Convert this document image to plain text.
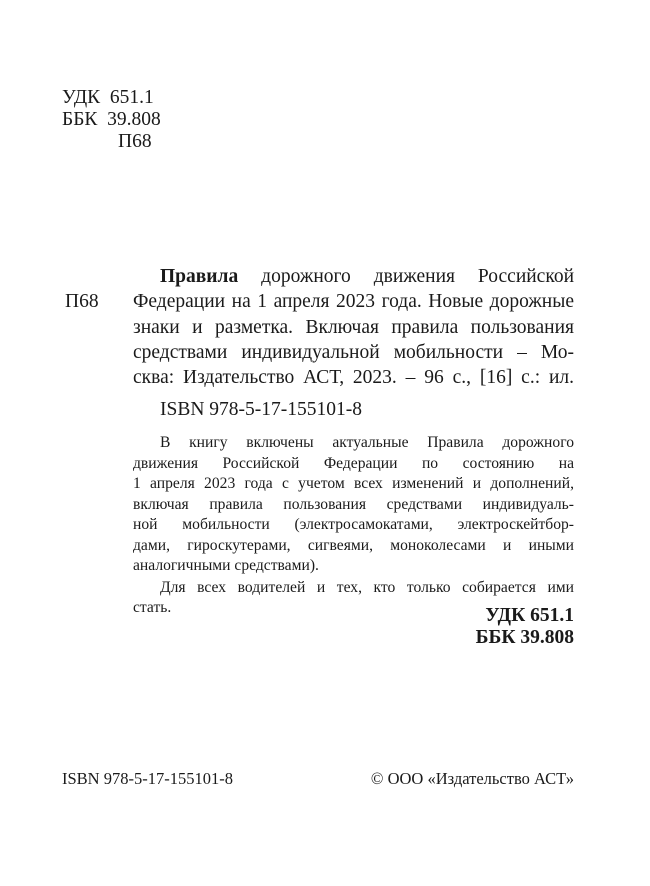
УДК 651.1
ББК 39.808
П68
Правила дорожного движения Российской
П68 Федерации на 1 апреля 2023 года. Новые дорожные
знаки и разметка. Включая правила пользования
средствами индивидуальной мобильности – Мо-
сква: Издательство АСТ, 2023. – 96 с., [16] с.: ил.
ISBN 978-5-17-155101-8
В книгу включены актуальные Правила дорожного
движения Российской Федерации по состоянию на
1 апреля 2023 года с учетом всех изменений и дополнений,
включая правила пользования средствами индивидуаль-
ной мобильности (электросамокатами, электроскейтбор-
дами, гироскутерами, сигвеями, моноколесами и иными
аналогичными средствами).
Для всех водителей и тех, кто только собирается ими
стать.	УДК 651.1
ББК 39.808
ISBN 978-5-17-155101-8	© ООО «Издательство АСТ»
